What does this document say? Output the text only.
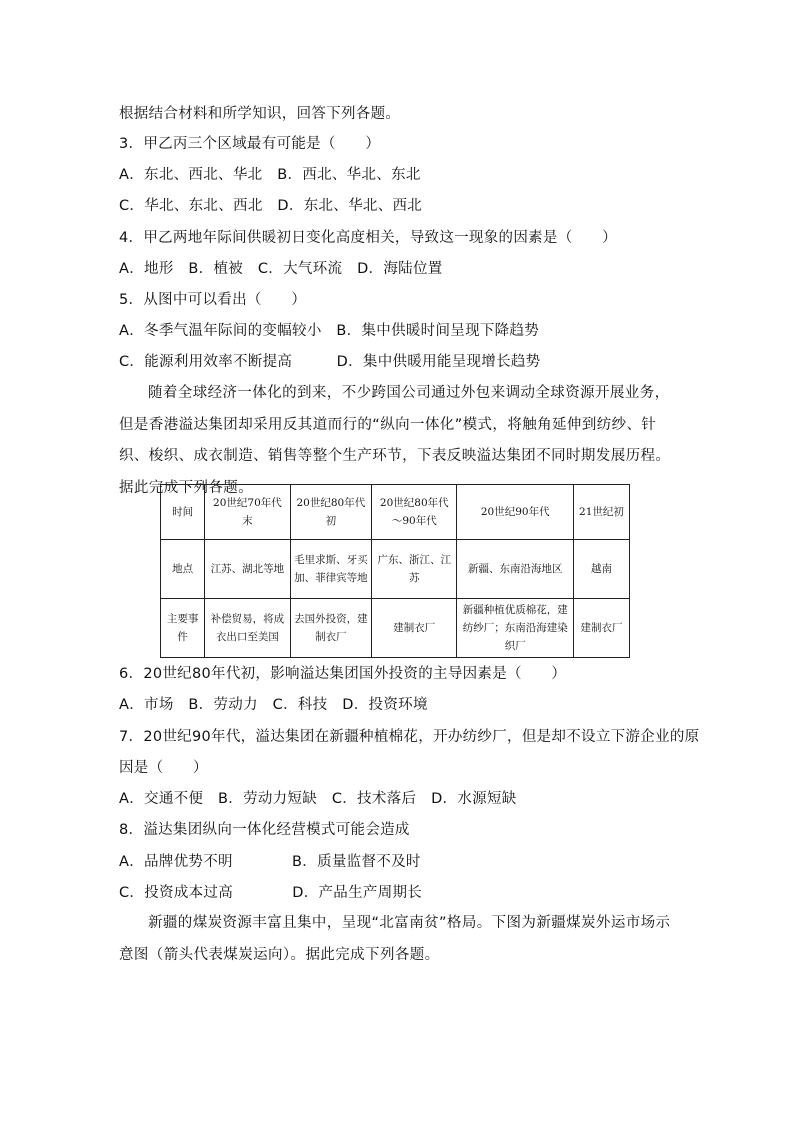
根据结合材料和所学知识，回答下列各题。
3．甲乙丙三个区域最有可能是（　　）
A．东北、西北、华北　B．西北、华北、东北
C．华北、东北、西北　D．东北、华北、西北
4．甲乙两地年际间供暖初日变化高度相关，导致这一现象的因素是（　　）
A．地形　B．植被　C．大气环流　D．海陆位置
5．从图中可以看出（　　）
A．冬季气温年际间的变幅较小　B．集中供暖时间呈现下降趋势
C．能源利用效率不断提高　　　D．集中供暖用能呈现增长趋势

随着全球经济一体化的到来，不少跨国公司通过外包来调动全球资源开展业务，但是香港溢达集团却采用反其道而行的“纵向一体化”模式，将触角延伸到纺纱、针织、梭织、成衣制造、销售等整个生产环节，下表反映溢达集团不同时期发展历程。据此完成下列各题。

时间	20世纪70年代末	20世纪80年代初	20世纪80年代～90年代	20世纪90年代	21世纪初
地点	江苏、湖北等地	毛里求斯、牙买加、菲律宾等地	广东、浙江、江苏	新疆、东南沿海地区	越南
主要事件	补偿贸易，将成衣出口至美国	去国外投资，建制衣厂	建制衣厂	新疆种植优质棉花，建纺纱厂；东南沿海建染织厂	建制衣厂
6．20世纪80年代初，影响溢达集团国外投资的主导因素是（　　）
A．市场　B．劳动力　C．科技　D．投资环境
7．20世纪90年代，溢达集团在新疆种植棉花，开办纺纱厂，但是却不设立下游企业的原
因是（　　）
A．交通不便　B．劳动力短缺　C．技术落后　D．水源短缺
8．溢达集团纵向一体化经营模式可能会造成
A．品牌优势不明　　　　B．质量监督不及时
C．投资成本过高　　　　D．产品生产周期长

新疆的煤炭资源丰富且集中，呈现“北富南贫”格局。下图为新疆煤炭外运市场示意图（箭头代表煤炭运向）。据此完成下列各题。
